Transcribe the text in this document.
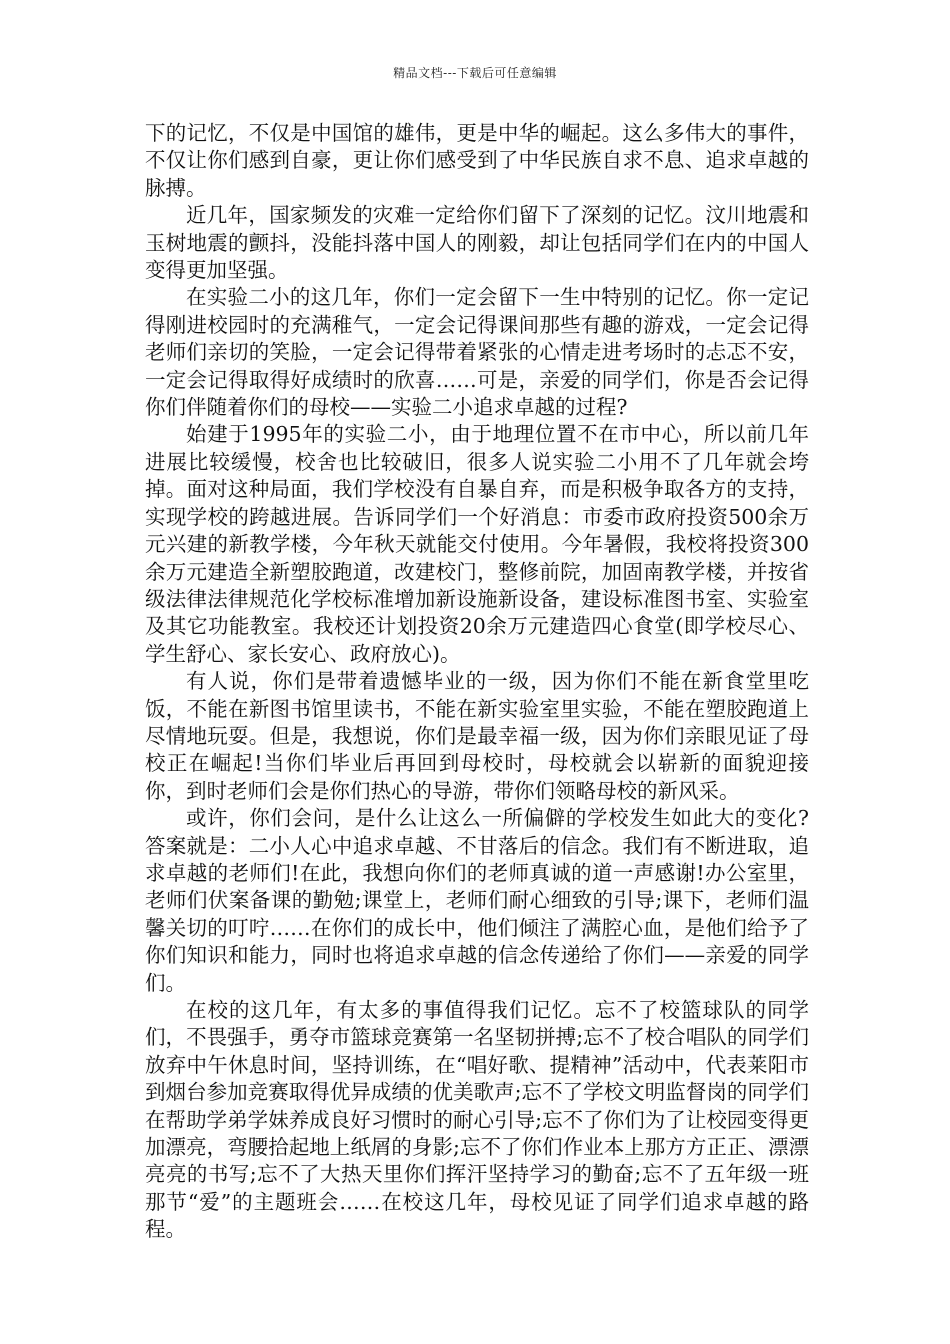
精品文档---下载后可任意编辑

下的记忆，不仅是中国馆的雄伟，更是中华的崛起。这么多伟大的事件，不仅让你们感到自豪，更让你们感受到了中华民族自求不息、追求卓越的脉搏。

近几年，国家频发的灾难一定给你们留下了深刻的记忆。汶川地震和玉树地震的颤抖，没能抖落中国人的刚毅，却让包括同学们在内的中国人变得更加坚强。

在实验二小的这几年，你们一定会留下一生中特别的记忆。你一定记得刚进校园时的充满稚气，一定会记得课间那些有趣的游戏，一定会记得老师们亲切的笑脸，一定会记得带着紧张的心情走进考场时的忐忑不安，一定会记得取得好成绩时的欣喜……可是，亲爱的同学们，你是否会记得你们伴随着你们的母校——实验二小追求卓越的过程?

始建于1995年的实验二小，由于地理位置不在市中心，所以前几年进展比较缓慢，校舍也比较破旧，很多人说实验二小用不了几年就会垮掉。面对这种局面，我们学校没有自暴自弃，而是积极争取各方的支持，实现学校的跨越进展。告诉同学们一个好消息：市委市政府投资500余万元兴建的新教学楼，今年秋天就能交付使用。今年暑假，我校将投资300余万元建造全新塑胶跑道，改建校门，整修前院，加固南教学楼，并按省级法律法律规范化学校标准增加新设施新设备，建设标准图书室、实验室及其它功能教室。我校还计划投资20余万元建造四心食堂(即学校尽心、学生舒心、家长安心、政府放心)。

有人说，你们是带着遗憾毕业的一级，因为你们不能在新食堂里吃饭，不能在新图书馆里读书，不能在新实验室里实验，不能在塑胶跑道上尽情地玩耍。但是，我想说，你们是最幸福一级，因为你们亲眼见证了母校正在崛起!当你们毕业后再回到母校时，母校就会以崭新的面貌迎接你，到时老师们会是你们热心的导游，带你们领略母校的新风采。

或许，你们会问，是什么让这么一所偏僻的学校发生如此大的变化?答案就是：二小人心中追求卓越、不甘落后的信念。我们有不断进取，追求卓越的老师们!在此，我想向你们的老师真诚的道一声感谢!办公室里，老师们伏案备课的勤勉;课堂上，老师们耐心细致的引导;课下，老师们温馨关切的叮咛……在你们的成长中，他们倾注了满腔心血，是他们给予了你们知识和能力，同时也将追求卓越的信念传递给了你们——亲爱的同学们。

在校的这几年，有太多的事值得我们记忆。忘不了校篮球队的同学们，不畏强手，勇夺市篮球竞赛第一名坚韧拼搏;忘不了校合唱队的同学们放弃中午休息时间，坚持训练，在“唱好歌、提精神”活动中，代表莱阳市到烟台参加竞赛取得优异成绩的优美歌声;忘不了学校文明监督岗的同学们在帮助学弟学妹养成良好习惯时的耐心引导;忘不了你们为了让校园变得更加漂亮，弯腰拾起地上纸屑的身影;忘不了你们作业本上那方方正正、漂漂亮亮的书写;忘不了大热天里你们挥汗坚持学习的勤奋;忘不了五年级一班那节“爱”的主题班会……在校这几年，母校见证了同学们追求卓越的路程。
